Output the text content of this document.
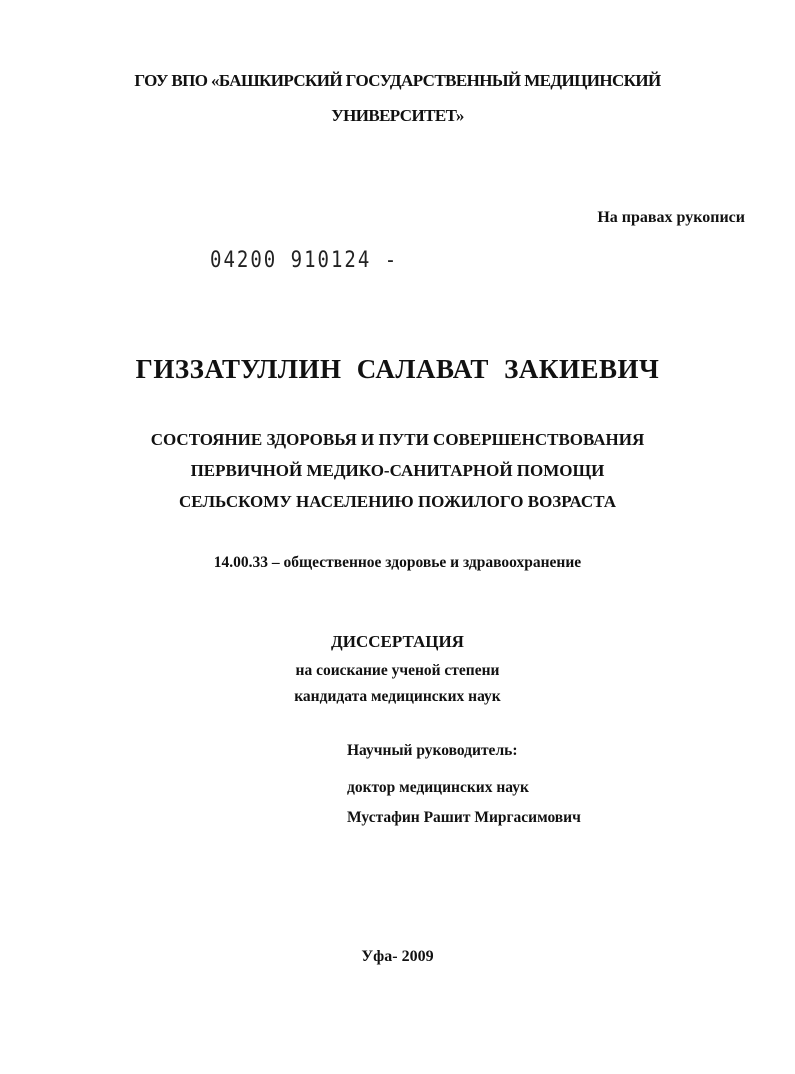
ГОУ ВПО «БАШКИРСКИЙ ГОСУДАРСТВЕННЫЙ МЕДИЦИНСКИЙ
УНИВЕРСИТЕТ»
На правах рукописи
04200 910124 -
ГИЗЗАТУЛЛИН САЛАВАТ ЗАКИЕВИЧ
СОСТОЯНИЕ ЗДОРОВЬЯ И ПУТИ СОВЕРШЕНСТВОВАНИЯ
ПЕРВИЧНОЙ МЕДИКО-САНИТАРНОЙ ПОМОЩИ
СЕЛЬСКОМУ НАСЕЛЕНИЮ ПОЖИЛОГО ВОЗРАСТА
14.00.33 – общественное здоровье и здравоохранение
ДИССЕРТАЦИЯ
на соискание ученой степени
кандидата медицинских наук
Научный руководитель:
доктор медицинских наук
Мустафин Рашит Миргасимович
Уфа- 2009
